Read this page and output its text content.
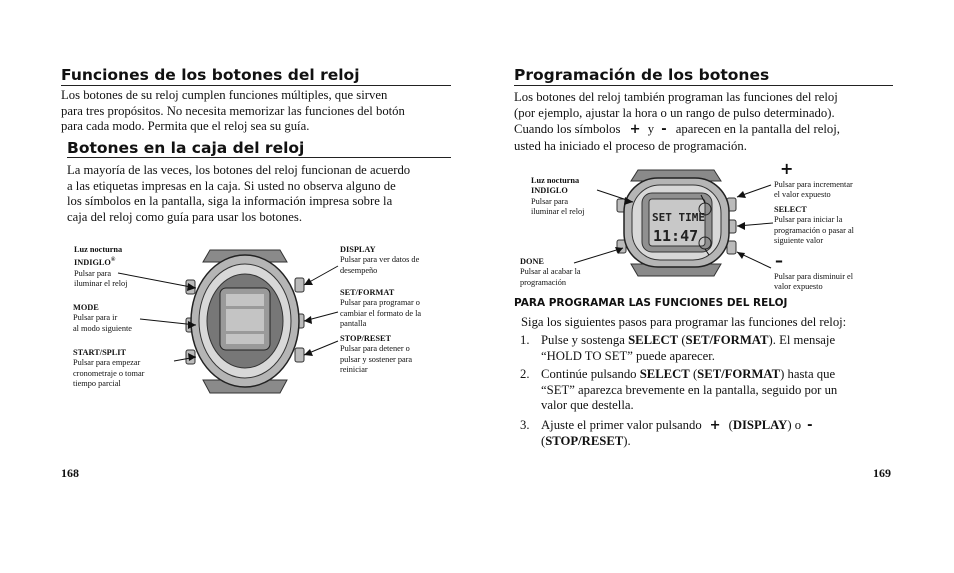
Funciones de los botones del reloj
Los botones de su reloj cumplen funciones múltiples, que sirven
para tres propósitos. No necesita memorizar las funciones del botón
para cada modo. Permita que el reloj sea su guía.
Botones en la caja del reloj
La mayoría de las veces, los botones del reloj funcionan de acuerdo
a las etiquetas impresas en la caja. Si usted no observa alguno de
los símbolos en la pantalla, siga la información impresa sobre la
caja del reloj como guía para usar los botones.
Luz nocturna
INDIGLO®
Pulsar para
iluminar el reloj
MODE
Pulsar para ir
al modo siguiente
START/SPLIT
Pulsar para empezar
cronometraje o tomar
tiempo parcial
DISPLAY
Pulsar para ver datos de
desempeño
SET/FORMAT
Pulsar para programar o
cambiar el formato de la
pantalla
STOP/RESET
Pulsar para detener o
pulsar y sostener para
reiniciar
168
Programación de los botones
Los botones del reloj también programan las funciones del reloj
(por ejemplo, ajustar la hora o un rango de pulso determinado).
Cuando los símbolos + y - aparecen en la pantalla del reloj,
usted ha iniciado el proceso de programación.
Luz nocturna
INDIGLO
Pulsar para
iluminar el reloj
DONE
Pulsar al acabar la
programación
+
Pulsar para incrementar
el valor expuesto
SELECT
Pulsar para iniciar la
programación o pasar al
siguiente valor
–
Pulsar para disminuir el
valor expuesto
SET TIME
11:47
PARA PROGRAMAR LAS FUNCIONES DEL RELOJ
Siga los siguientes pasos para programar las funciones del reloj:
1. Pulse y sostenga SELECT (SET/FORMAT). El mensaje
“HOLD TO SET” puede aparecer.
2. Continúe pulsando SELECT (SET/FORMAT) hasta que
“SET” aparezca brevemente en la pantalla, seguido por un
valor que destella.
3. Ajuste el primer valor pulsando + (DISPLAY) o -
(STOP/RESET).
169
